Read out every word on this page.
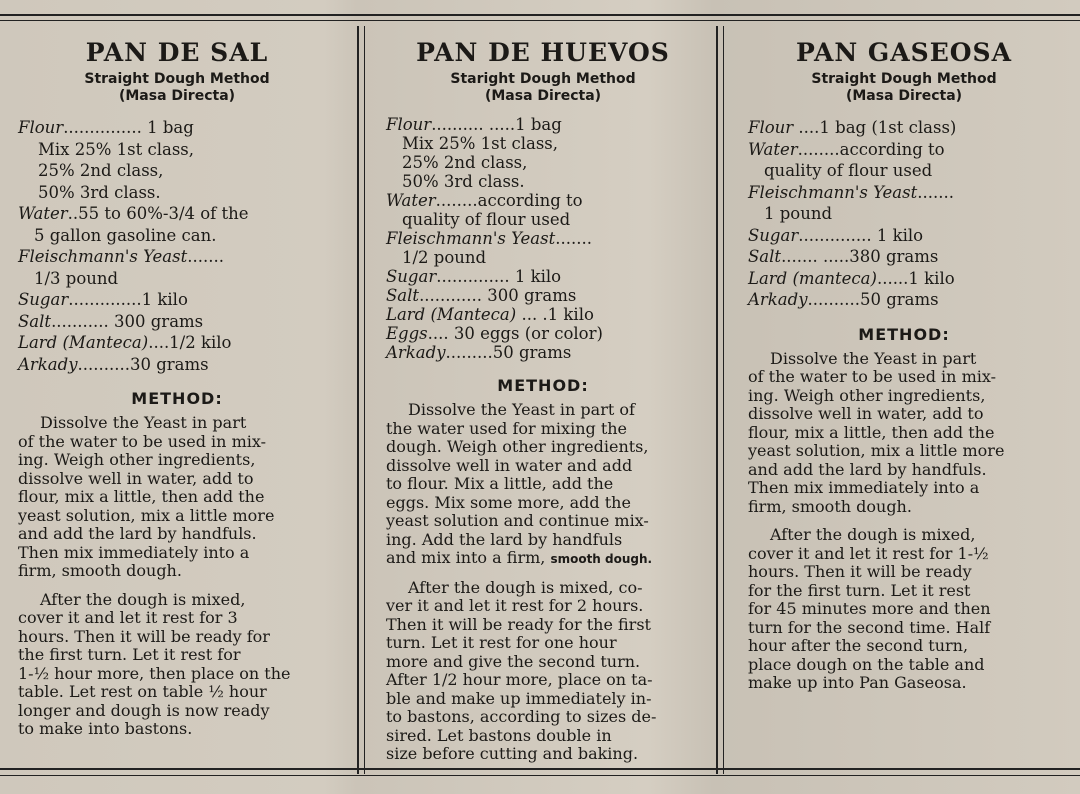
PAN DE SAL
Straight Dough Method
(Masa Directa)
Flour............... 1 bag
Mix 25% 1st class,
25% 2nd class,
50% 3rd class.
Water..55 to 60%-3/4 of the
5 gallon gasoline can.
Fleischmann's Yeast.......
1/3 pound
Sugar..............1 kilo
Salt........... 300 grams
Lard (Manteca)....1/2 kilo
Arkady..........30 grams
METHOD:
Dissolve the Yeast in part
of the water to be used in mix-
ing. Weigh other ingredients,
dissolve well in water, add to
flour, mix a little, then add the
yeast solution, mix a little more
and add the lard by handfuls.
Then mix immediately into a
firm, smooth dough.
After the dough is mixed,
cover it and let it rest for 3
hours. Then it will be ready for
the first turn. Let it rest for
1-½ hour more, then place on the
table. Let rest on table ½ hour
longer and dough is now ready
to make into bastons.
PAN DE HUEVOS
Staright Dough Method
(Masa Directa)
Flour.......... .....1 bag
Mix 25% 1st class,
25% 2nd class,
50% 3rd class.
Water........according to
quality of flour used
Fleischmann's Yeast.......
1/2 pound
Sugar.............. 1 kilo
Salt............ 300 grams
Lard (Manteca) ... .1 kilo
Eggs.... 30 eggs (or color)
Arkady.........50 grams
METHOD:
Dissolve the Yeast in part of
the water used for mixing the
dough. Weigh other ingredients,
dissolve well in water and add
to flour. Mix a little, add the
eggs. Mix some more, add the
yeast solution and continue mix-
ing. Add the lard by handfuls
and mix into a firm, smooth dough.
After the dough is mixed, co-
ver it and let it rest for 2 hours.
Then it will be ready for the first
turn. Let it rest for one hour
more and give the second turn.
After 1/2 hour more, place on ta-
ble and make up immediately in-
to bastons, according to sizes de-
sired. Let bastons double in
size before cutting and baking.
PAN GASEOSA
Straight Dough Method
(Masa Directa)
Flour ....1 bag (1st class)
Water........according to
quality of flour used
Fleischmann's Yeast.......
1 pound
Sugar.............. 1 kilo
Salt....... .....380 grams
Lard (manteca)......1 kilo
Arkady..........50 grams
METHOD:
Dissolve the Yeast in part
of the water to be used in mix-
ing. Weigh other ingredients,
dissolve well in water, add to
flour, mix a little, then add the
yeast solution, mix a little more
and add the lard by handfuls.
Then mix immediately into a
firm, smooth dough.
After the dough is mixed,
cover it and let it rest for 1-½
hours. Then it will be ready
for the first turn. Let it rest
for 45 minutes more and then
turn for the second time. Half
hour after the second turn,
place dough on the table and
make up into Pan Gaseosa.
